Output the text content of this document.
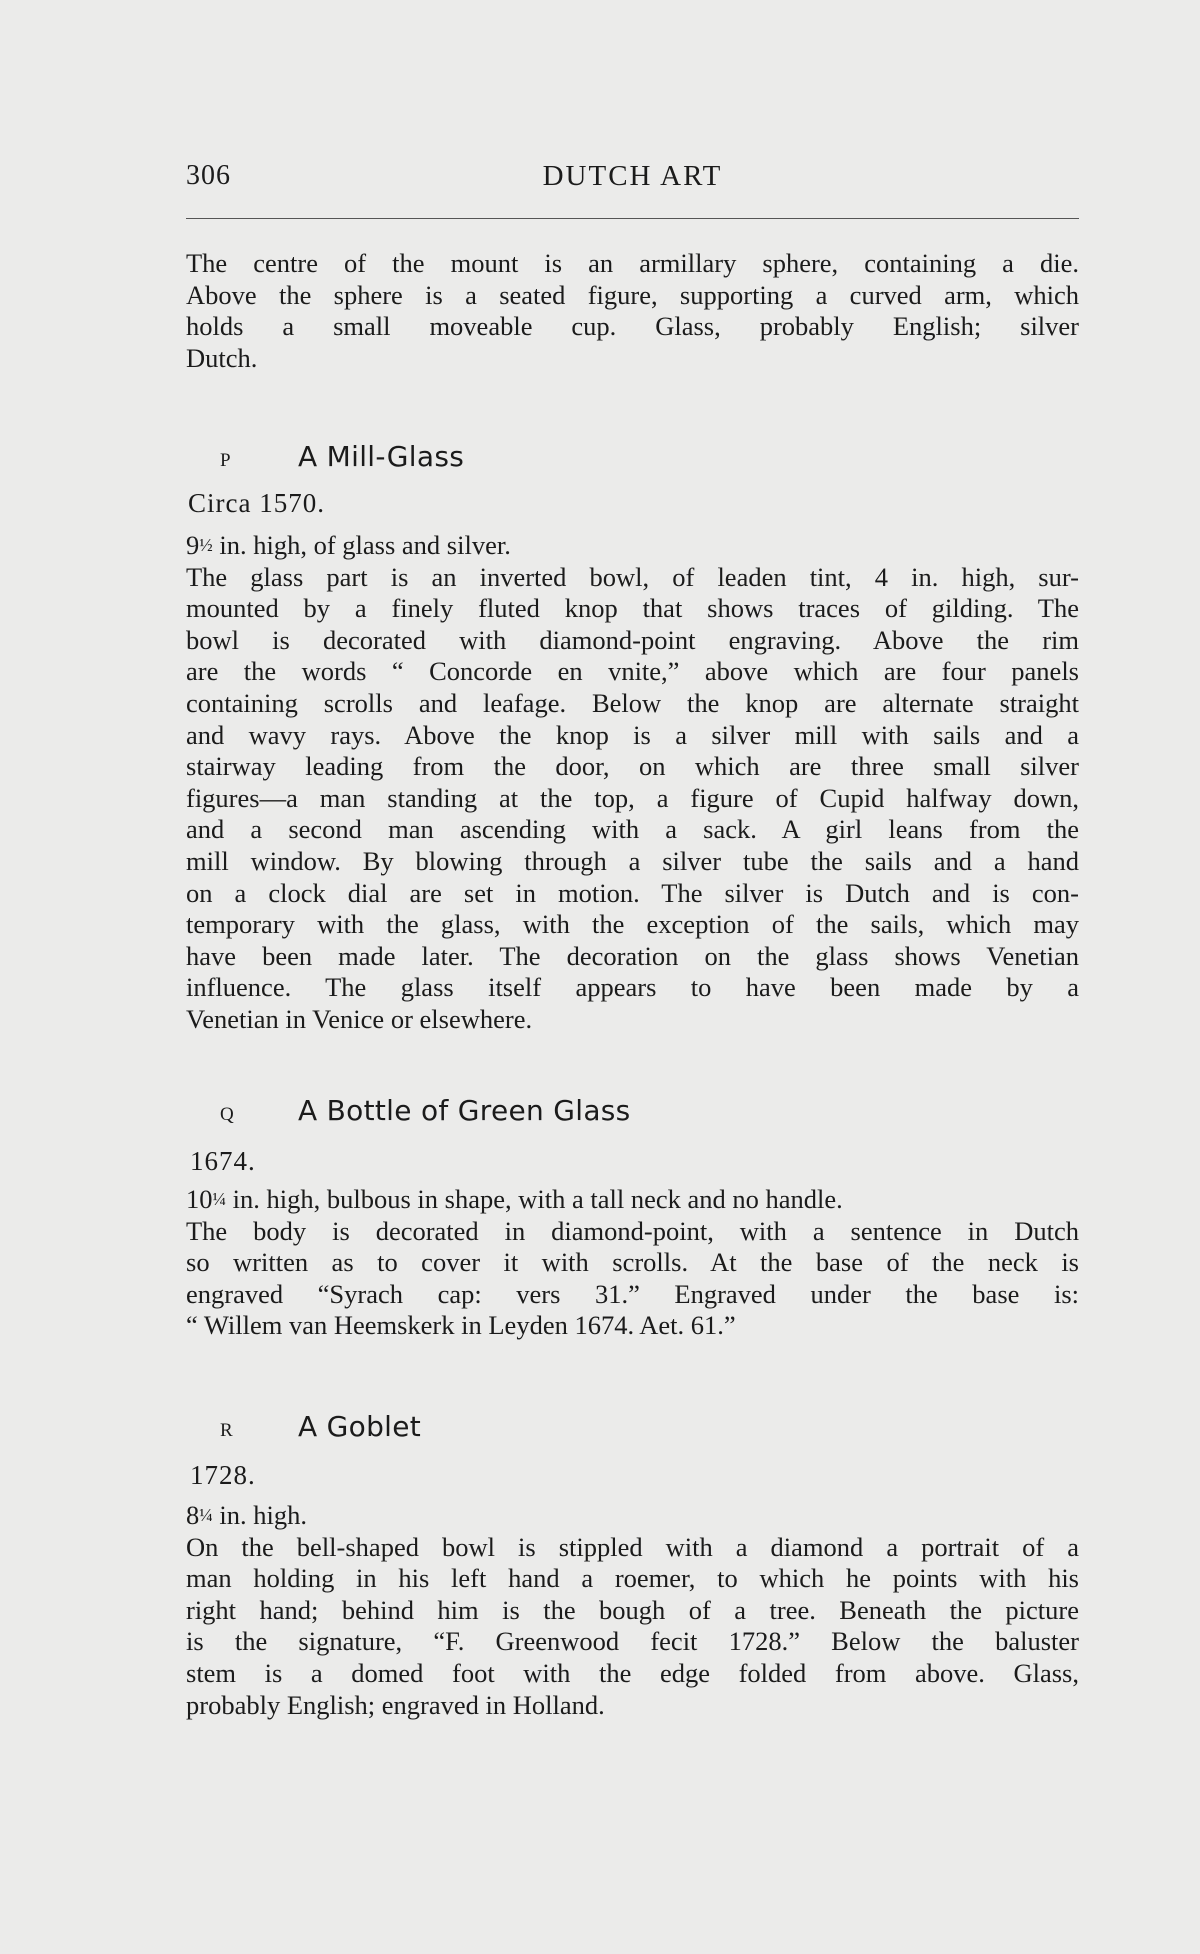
306	DUTCH ART
The centre of the mount is an armillary sphere, containing a die.
Above the sphere is a seated figure, supporting a curved arm, which
holds a small moveable cup. Glass, probably English; silver
Dutch.
P A Mill-Glass
Circa 1570.
9½ in. high, of glass and silver.
The glass part is an inverted bowl, of leaden tint, 4 in. high, sur-
mounted by a finely fluted knop that shows traces of gilding. The
bowl is decorated with diamond-point engraving. Above the rim
are the words “ Concorde en vnite,” above which are four panels
containing scrolls and leafage. Below the knop are alternate straight
and wavy rays. Above the knop is a silver mill with sails and a
stairway leading from the door, on which are three small silver
figures—a man standing at the top, a figure of Cupid halfway down,
and a second man ascending with a sack. A girl leans from the
mill window. By blowing through a silver tube the sails and a hand
on a clock dial are set in motion. The silver is Dutch and is con-
temporary with the glass, with the exception of the sails, which may
have been made later. The decoration on the glass shows Venetian
influence. The glass itself appears to have been made by a
Venetian in Venice or elsewhere.
Q A Bottle of Green Glass
1674.
10¼ in. high, bulbous in shape, with a tall neck and no handle.
The body is decorated in diamond-point, with a sentence in Dutch
so written as to cover it with scrolls. At the base of the neck is
engraved “Syrach cap: vers 31.” Engraved under the base is:
“ Willem van Heemskerk in Leyden 1674. Aet. 61.”
R A Goblet
1728.
8¼ in. high.
On the bell-shaped bowl is stippled with a diamond a portrait of a
man holding in his left hand a roemer, to which he points with his
right hand; behind him is the bough of a tree. Beneath the picture
is the signature, “F. Greenwood fecit 1728.” Below the baluster
stem is a domed foot with the edge folded from above. Glass,
probably English; engraved in Holland.
